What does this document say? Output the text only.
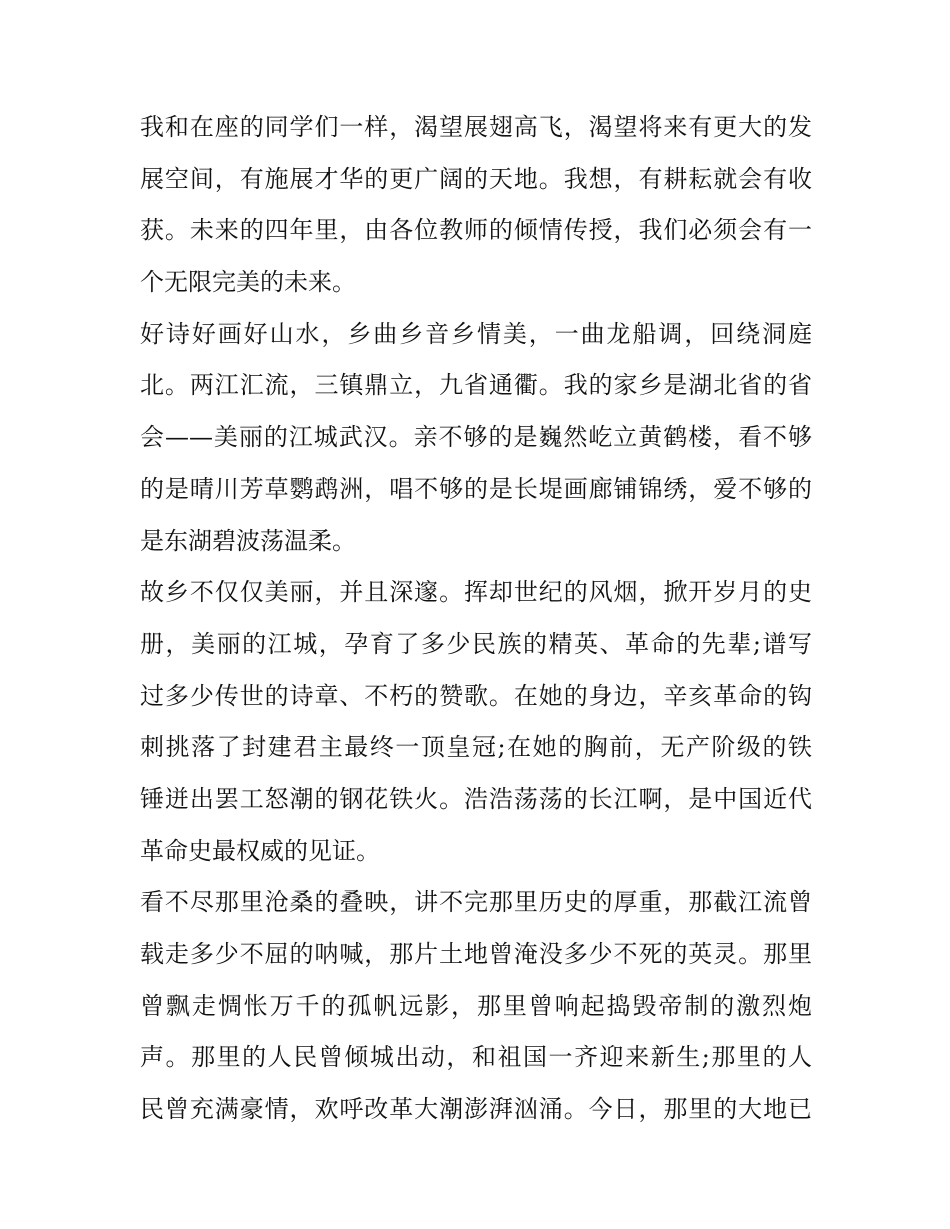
我和在座的同学们一样，渴望展翅高飞，渴望将来有更大的发
展空间，有施展才华的更广阔的天地。我想，有耕耘就会有收
获。未来的四年里，由各位教师的倾情传授，我们必须会有一
个无限完美的未来。
好诗好画好山水，乡曲乡音乡情美，一曲龙船调，回绕洞庭
北。两江汇流，三镇鼎立，九省通衢。我的家乡是湖北省的省
会——美丽的江城武汉。亲不够的是巍然屹立黄鹤楼，看不够
的是晴川芳草鹦鹉洲，唱不够的是长堤画廊铺锦绣，爱不够的
是东湖碧波荡温柔。
故乡不仅仅美丽，并且深邃。挥却世纪的风烟，掀开岁月的史
册，美丽的江城，孕育了多少民族的精英、革命的先辈;谱写
过多少传世的诗章、不朽的赞歌。在她的身边，辛亥革命的钩
刺挑落了封建君主最终一顶皇冠;在她的胸前，无产阶级的铁
锤迸出罢工怒潮的钢花铁火。浩浩荡荡的长江啊，是中国近代
革命史最权威的见证。
看不尽那里沧桑的叠映，讲不完那里历史的厚重，那截江流曾
载走多少不屈的呐喊，那片土地曾淹没多少不死的英灵。那里
曾飘走惆怅万千的孤帆远影，那里曾响起捣毁帝制的激烈炮
声。那里的人民曾倾城出动，和祖国一齐迎来新生;那里的人
民曾充满豪情，欢呼改革大潮澎湃汹涌。今日，那里的大地已
